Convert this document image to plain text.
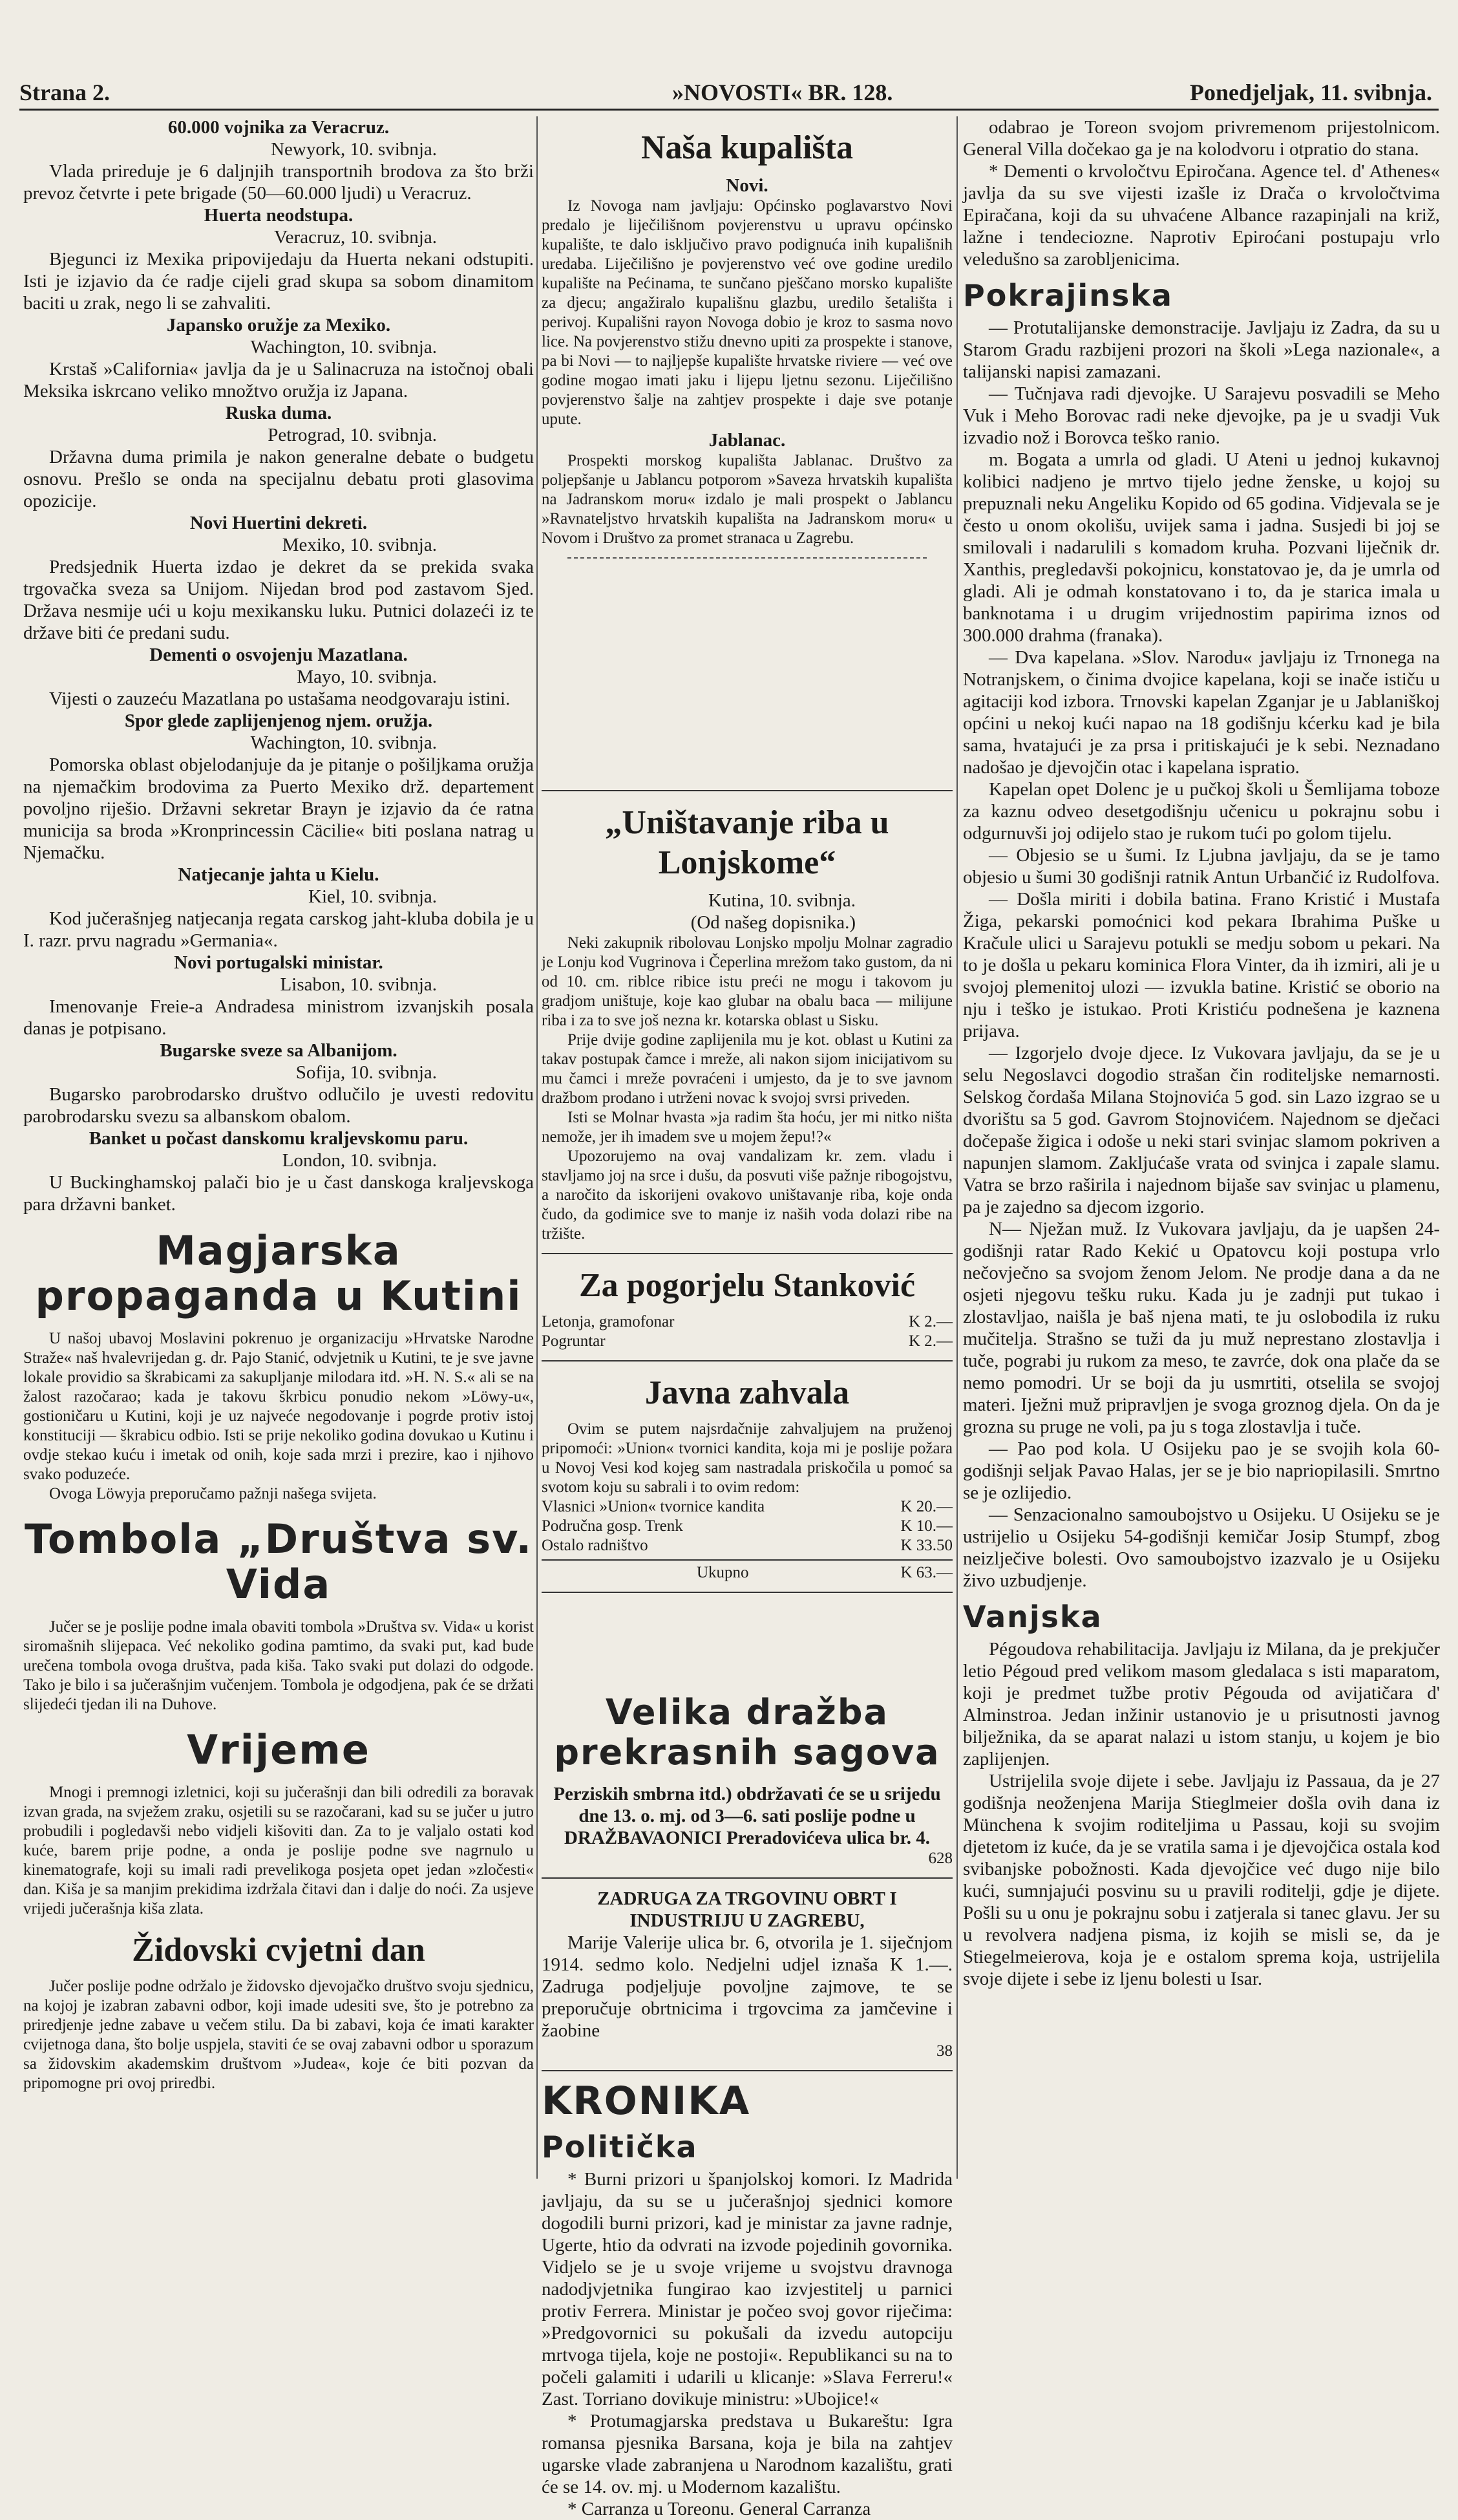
Strana 2.	»NOVOSTI« BR. 128.	Ponedjeljak, 11. svibnja.

60.000 vojnika za Veracruz.

Newyork, 10. svibnja.

Vlada prireduje je 6 daljnjih transportnih brodova za što brži prevoz četvrte i pete brigade (50—60.000 ljudi) u Veracruz.

Huerta neodstupa.

Veracruz, 10. svibnja.

Bjegunci iz Mexika pripovijedaju da Huerta nekani odstupiti. Isti je izjavio da će radje cijeli grad skupa sa sobom dinamitom baciti u zrak, nego li se zahvaliti.

Japansko oružje za Mexiko.

Wachington, 10. svibnja.

Krstaš »California« javlja da je u Salinacruza na istočnoj obali Meksika iskrcano veliko množtvo oružja iz Japana.

Ruska duma.

Petrograd, 10. svibnja.

Državna duma primila je nakon generalne debate o budgetu osnovu. Prešlo se onda na specijalnu debatu proti glasovima opozicije.

Novi Huertini dekreti.

Mexiko, 10. svibnja.

Predsjednik Huerta izdao je dekret da se prekida svaka trgovačka sveza sa Unijom. Nijedan brod pod zastavom Sjed. Država nesmije ući u koju mexikansku luku. Putnici dolazeći iz te države biti će predani sudu.

Dementi o osvojenju Mazatlana.

Mayo, 10. svibnja.

Vijesti o zauzeću Mazatlana po ustašama neodgovaraju istini.

Spor glede zaplijenjenog njem. oružja.

Wachington, 10. svibnja.

Pomorska oblast objelodanjuje da je pitanje o pošiljkama oružja na njemačkim brodovima za Puerto Mexiko drž. departement povoljno riješio. Državni sekretar Brayn je izjavio da će ratna municija sa broda »Kronprincessin Cäcilie« biti poslana natrag u Njemačku.

Natjecanje jahta u Kielu.

Kiel, 10. svibnja.

Kod jučerašnjeg natjecanja regata carskog jaht-kluba dobila je u I. razr. prvu nagradu »Germania«.

Novi portugalski ministar.

Lisabon, 10. svibnja.

Imenovanje Freie-a Andradesa ministrom izvanjskih posala danas je potpisano.

Bugarske sveze sa Albanijom.

Sofija, 10. svibnja.

Bugarsko parobrodarsko društvo odlučilo je uvesti redovitu parobrodarsku svezu sa albanskom obalom.

Banket u počast danskomu kraljevskomu paru.

London, 10. svibnja.

U Buckinghamskoj palači bio je u čast danskoga kraljevskoga para državni banket.

Magjarska propaganda u Kutini

U našoj ubavoj Moslavini pokrenuo je organizaciju »Hrvatske Narodne Straže« naš hvalevrijedan g. dr. Pajo Stanić, odvjetnik u Kutini, te je sve javne lokale providio sa škrabicami za sakupljanje milodara itd. »H. N. S.« ali se na žalost razočarao; kada je takovu škrbicu ponudio nekom »Löwy-u«, gostioničaru u Kutini, koji je uz najveće negodovanje i pogrde protiv istoj konstituciji — škrabicu odbio. Isti se prije nekoliko godina dovukao u Kutinu i ovdje stekao kuću i imetak od onih, koje sada mrzi i prezire, kao i njihovo svako poduzeće.

Ovoga Löwyja preporučamo pažnji našega svijeta.

Tombola „Društva sv. Vida

Jučer se je poslije podne imala obaviti tombola »Društva sv. Vida« u korist siromašnih slijepaca. Već nekoliko godina pamtimo, da svaki put, kad bude urečena tombola ovoga društva, pada kiša. Tako svaki put dolazi do odgode. Tako je bilo i sa jučerašnjim vučenjem. Tombola je odgodjena, pak će se držati slijedeći tjedan ili na Duhove.

Vrijeme

Mnogi i premnogi izletnici, koji su jučerašnji dan bili odredili za boravak izvan grada, na svježem zraku, osjetili su se razočarani, kad su se jučer u jutro probudili i pogledavši nebo vidjeli kišoviti dan. Za to je valjalo ostati kod kuće, barem prije podne, a onda je poslije podne sve nagrnulo u kinematografe, koji su imali radi prevelikoga posjeta opet jedan »zločesti« dan. Kiša je sa manjim prekidima izdržala čitavi dan i dalje do noći. Za usjeve vrijedi jučerašnja kiša zlata.

Židovski cvjetni dan

Jučer poslije podne održalo je židovsko djevojačko društvo svoju sjednicu, na kojoj je izabran zabavni odbor, koji imade udesiti sve, što je potrebno za priredjenje jedne zabave u večem stilu. Da bi zabavi, koja će imati karakter cvijetnoga dana, što bolje uspjela, staviti će se ovaj zabavni odbor u sporazum sa židovskim akademskim društvom »Judea«, koje će biti pozvan da pripomogne pri ovoj priredbi.

Naša kupališta

Novi.

Iz Novoga nam javljaju: Općinsko poglavarstvo Novi predalo je liječilišnom povjerenstvu u upravu općinsko kupalište, te dalo isključivo pravo podignuća inih kupališnih uredaba. Liječilišno je povjerenstvo već ove godine uredilo kupalište na Pećinama, te sunčano pješčano morsko kupalište za djecu; angažiralo kupališnu glazbu, uredilo šetališta i perivoj. Kupališni rayon Novoga dobio je kroz to sasma novo lice. Na povjerenstvo stižu dnevno upiti za prospekte i stanove, pa bi Novi — to najljepše kupalište hrvatske riviere — već ove godine mogao imati jaku i lijepu ljetnu sezonu. Liječilišno povjerenstvo šalje na zahtjev prospekte i daje sve potanje upute.

Jablanac.

Prospekti morskog kupališta Jablanac. Društvo za poljepšanje u Jablancu potporom »Saveza hrvatskih kupališta na Jadranskom moru« izdalo je mali prospekt o Jablancu »Ravnateljstvo hrvatskih kupališta na Jadranskom moru« u Novom i Društvo za promet stranaca u Zagrebu.

„Uništavanje riba u Lonjskome“

Kutina, 10. svibnja.

(Od našeg dopisnika.)

Neki zakupnik ribolovau Lonjsko mpolju Molnar zagradio je Lonju kod Vugrinova i Čeperlina mrežom tako gustom, da ni od 10. cm. riblce ribice istu preći ne mogu i takovom ju gradjom uništuje, koje kao glubar na obalu baca — milijune riba i za to sve još nezna kr. kotarska oblast u Sisku.

Prije dvije godine zaplijenila mu je kot. oblast u Kutini za takav postupak čamce i mreže, ali nakon sijom inicijativom su mu čamci i mreže povraćeni i umjesto, da je to sve javnom dražbom prodano i utrženi novac k svojoj svrsi priveden.

Isti se Molnar hvasta »ja radim šta hoću, jer mi nitko ništa nemože, jer ih imadem sve u mojem žepu!?«

Upozorujemo na ovaj vandalizam kr. zem. vladu i stavljamo joj na srce i dušu, da posvuti više pažnje ribogojstvu, a naročito da iskorijeni ovakovo uništavanje riba, koje onda čudo, da godimice sve to manje iz naših voda dolazi ribe na tržište.

Za pogorjelu Stanković
Letonja, gramofonar	K 2.—
Pogruntar	K 2.—
Javna zahvala

Ovim se putem najsrdačnije zahvaljujem na pruženoj pripomoći: »Union« tvornici kandita, koja mi je poslije požara u Novoj Vesi kod kojeg sam nastradala priskočila u pomoć sa svotom koju su sabrali i to ovim redom:

Vlasnici »Union« tvornice kandita	K 20.—
Područna gosp. Trenk	K 10.—
Ostalo radništvo	K 33.50
Ukupno	K 63.—
Velika dražba prekrasnih sagova

Perziskih smbrna itd.) obdržavati će se u srijedu dne 13. o. mj. od 3—6. sati poslije podne u DRAŽBAVAONICI Preradovićeva ulica br. 4.

628

ZADRUGA ZA TRGOVINU OBRT I INDUSTRIJU U ZAGREBU,

Marije Valerije ulica br. 6, otvorila je 1. siječnjom 1914. sedmo kolo. Nedjelni udjel iznaša K 1.—. Zadruga podjeljuje povoljne zajmove, te se preporučuje obrtnicima i trgovcima za jamčevine i žaobine

38

KRONIKA
Politička

* Burni prizori u španjolskoj komori. Iz Madrida javljaju, da su se u jučerašnjoj sjednici komore dogodili burni prizori, kad je ministar za javne radnje, Ugerte, htio da odvrati na izvode pojedinih govornika. Vidjelo se je u svoje vrijeme u svojstvu dravnoga nadodjvjetnika fungirao kao izvjestitelj u parnici protiv Ferrera. Ministar je počeo svoj govor riječima: »Predgovornici su pokušali da izvedu autopciju mrtvoga tijela, koje ne postoji«. Republikanci su na to počeli galamiti i udarili u klicanje: »Slava Ferreru!« Zast. Torriano dovikuje ministru: »Ubojice!«

* Protumagjarska predstava u Bukareštu: Igra romansa pjesnika Barsana, koja je bila na zahtjev ugarske vlade zabranjena u Narodnom kazalištu, grati će se 14. ov. mj. u Modernom kazalištu.

* Carranza u Toreonu. General Carranza

odabrao je Toreon svojom privremenom prijestolnicom. General Villa dočekao ga je na kolodvoru i otpratio do stana.

* Dementi o krvoločtvu Epiročana. Agence tel. d' Athenes« javlja da su sve vijesti izašle iz Drača o krvoločtvima Epiračana, koji da su uhvaćene Albance razapinjali na križ, lažne i tendeciozne. Naprotiv Epiroćani postupaju vrlo veledušno sa zarobljenicima.

Pokrajinska

— Protutalijanske demonstracije. Javljaju iz Zadra, da su u Starom Gradu razbijeni prozori na školi »Lega nazionale«, a talijanski napisi zamazani.

— Tučnjava radi djevojke. U Sarajevu posvadili se Meho Vuk i Meho Borovac radi neke djevojke, pa je u svadji Vuk izvadio nož i Borovca teško ranio.

m. Bogata a umrla od gladi. U Ateni u jednoj kukavnoj kolibici nadjeno je mrtvo tijelo jedne ženske, u kojoj su prepuznali neku Angeliku Kopido od 65 godina. Vidjevala se je često u onom okolišu, uvijek sama i jadna. Susjedi bi joj se smilovali i nadarulili s komadom kruha. Pozvani liječnik dr. Xanthis, pregledavši pokojnicu, konstatovao je, da je umrla od gladi. Ali je odmah konstatovano i to, da je starica imala u banknotama i u drugim vrijednostim papirima iznos od 300.000 drahma (franaka).

— Dva kapelana. »Slov. Narodu« javljaju iz Trnonega na Notranjskem, o činima dvojice kapelana, koji se inače ističu u agitaciji kod izbora. Trnovski kapelan Zganjar je u Jablaniškoj općini u nekoj kući napao na 18 godišnju kćerku kad je bila sama, hvatajući je za prsa i pritiskajući je k sebi. Neznadano nadošao je djevojčin otac i kapelana ispratio.

Kapelan opet Dolenc je u pučkoj školi u Šemlijama toboze za kaznu odveo desetgodišnju učenicu u pokrajnu sobu i odgurnuvši joj odijelo stao je rukom tući po golom tijelu.

— Objesio se u šumi. Iz Ljubna javljaju, da se je tamo objesio u šumi 30 godišnji ratnik Antun Urbančić iz Rudolfova.

— Došla miriti i dobila batina. Frano Kristić i Mustafa Žiga, pekarski pomoćnici kod pekara Ibrahima Puške u Kračule ulici u Sarajevu potukli se medju sobom u pekari. Na to je došla u pekaru kominica Flora Vinter, da ih izmiri, ali je u svojoj plemenitoj ulozi — izvukla batine. Kristić se oborio na nju i teško je istukao. Proti Kristiću podnešena je kaznena prijava.

— Izgorjelo dvoje djece. Iz Vukovara javljaju, da se je u selu Negoslavci dogodio strašan čin roditeljske nemarnosti. Selskog čordaša Milana Stojnovića 5 god. sin Lazo izgrao se u dvorištu sa 5 god. Gavrom Stojnovićem. Najednom se dječaci dočepaše žigica i odoše u neki stari svinjac slamom pokriven a napunjen slamom. Zakljućaše vrata od svinjca i zapale slamu. Vatra se brzo raširila i najednom bijaše sav svinjac u plamenu, pa je zajedno sa djecom izgorio.

N— Nježan muž. Iz Vukovara javljaju, da je uapšen 24-godišnji ratar Rado Kekić u Opatovcu koji postupa vrlo nečovječno sa svojom ženom Jelom. Ne prodje dana a da ne osjeti njegovu tešku ruku. Kada ju je zadnji put tukao i zlostavljao, naišla je baš njena mati, te ju oslobodila iz ruku mučitelja. Strašno se tuži da ju muž neprestano zlostavlja i tuče, pograbi ju rukom za meso, te zavrće, dok ona plače da se nemo pomodri. Ur se boji da ju usmrtiti, otselila se svojoj materi. Iježni muž pripravljen je svoga groznog djela. On da je grozna su pruge ne voli, pa ju s toga zlostavlja i tuče.

— Pao pod kola. U Osijeku pao je se svojih kola 60-godišnji seljak Pavao Halas, jer se je bio napriopilasili. Smrtno se je ozlijedio.

— Senzacionalno samoubojstvo u Osijeku. U Osijeku se je ustrijelio u Osijeku 54-godišnji kemičar Josip Stumpf, zbog neizlječive bolesti. Ovo samoubojstvo izazvalo je u Osijeku živo uzbudjenje.

Vanjska

Pégoudova rehabilitacija. Javljaju iz Milana, da je prekjučer letio Pégoud pred velikom masom gledalaca s isti maparatom, koji je predmet tužbe protiv Pégouda od avijatičara d' Alminstroa. Jedan inžinir ustanovio je u prisutnosti javnog bilježnika, da se aparat nalazi u istom stanju, u kojem je bio zaplijenjen.

Ustrijelila svoje dijete i sebe. Javljaju iz Passaua, da je 27 godišnja neoženjena Marija Stieglmeier došla ovih dana iz Münchena k svojim roditeljima u Passau, koji su svojim djetetom iz kuće, da je se vratila sama i je djevojčica ostala kod svibanjske pobožnosti. Kada djevojčice već dugo nije bilo kući, sumnjajući posvinu su u pravili roditelji, gdje je dijete. Pošli su u onu je pokrajnu sobu i zatjerala si tanec glavu. Jer su u revolvera nadjena pisma, iz kojih se misli se, da je Stiegelmeierova, koja je e ostalom sprema koja, ustrijelila svoje dijete i sebe iz ljenu bolesti u Isar.
